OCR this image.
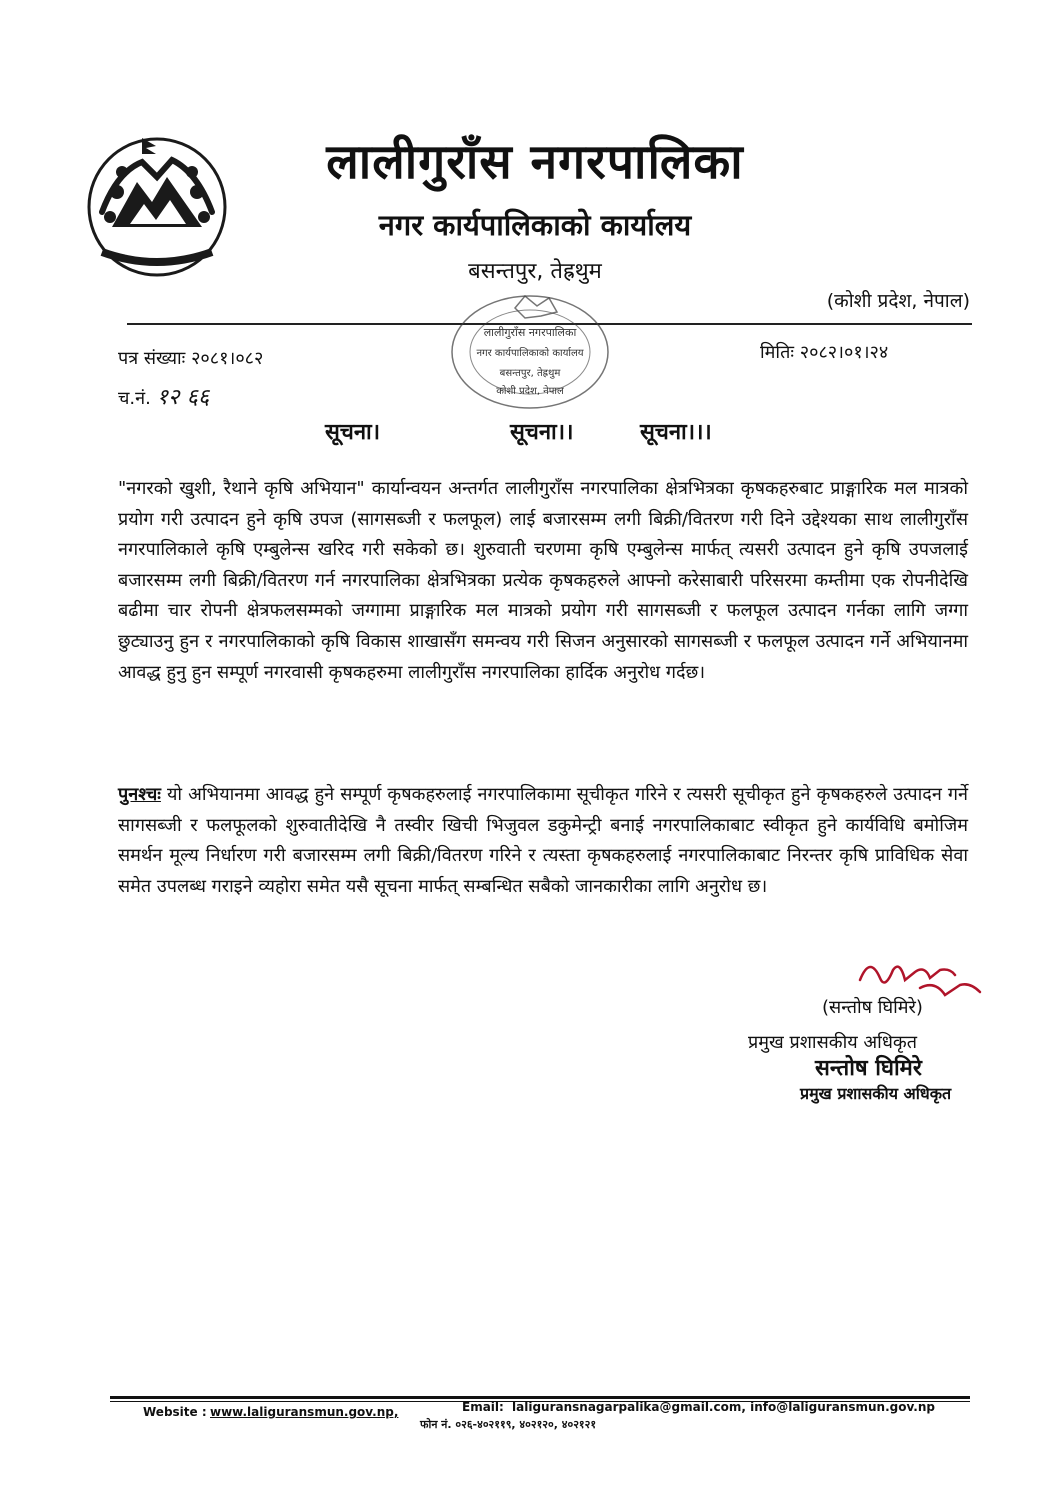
लालीगुराँस नगरपालिका
नगर कार्यपालिकाको कार्यालय
बसन्तपुर, तेह्रथुम
(कोशी प्रदेश, नेपाल)
लालीगुराँस नगरपालिका
नगर कार्यपालिकाको कार्यालय
बसन्तपुर, तेह्रथुम
कोशी प्रदेश, नेपाल
पत्र संख्याः २०८१।०८२
च.नं. १२ ६६
मितिः २०८२।०१।२४
सूचना।	सूचना।।	सूचना।।।
"नगरको खुशी, रैथाने कृषि अभियान" कार्यान्वयन अन्तर्गत लालीगुराँस नगरपालिका क्षेत्रभित्रका कृषकहरुबाट प्राङ्गारिक मल मात्रको प्रयोग गरी उत्पादन हुने कृषि उपज (सागसब्जी र फलफूल) लाई बजारसम्म लगी बिक्री/वितरण गरी दिने उद्देश्यका साथ लालीगुराँस नगरपालिकाले कृषि एम्बुलेन्स खरिद गरी सकेको छ। शुरुवाती चरणमा कृषि एम्बुलेन्स मार्फत् त्यसरी उत्पादन हुने कृषि उपजलाई बजारसम्म लगी बिक्री/वितरण गर्न नगरपालिका क्षेत्रभित्रका प्रत्येक कृषकहरुले आफ्नो करेसाबारी परिसरमा कम्तीमा एक रोपनीदेखि बढीमा चार रोपनी क्षेत्रफलसम्मको जग्गामा प्राङ्गारिक मल मात्रको प्रयोग गरी सागसब्जी र फलफूल उत्पादन गर्नका लागि जग्गा छुट्याउनु हुन र नगरपालिकाको कृषि विकास शाखासँग समन्वय गरी सिजन अनुसारको सागसब्जी र फलफूल उत्पादन गर्ने अभियानमा आवद्ध हुनु हुन सम्पूर्ण नगरवासी कृषकहरुमा लालीगुराँस नगरपालिका हार्दिक अनुरोध गर्दछ।
पुनश्चः यो अभियानमा आवद्ध हुने सम्पूर्ण कृषकहरुलाई नगरपालिकामा सूचीकृत गरिने र त्यसरी सूचीकृत हुने कृषकहरुले उत्पादन गर्ने सागसब्जी र फलफूलको शुरुवातीदेखि नै तस्वीर खिची भिजुवल डकुमेन्ट्री बनाई नगरपालिकाबाट स्वीकृत हुने कार्यविधि बमोजिम समर्थन मूल्य निर्धारण गरी बजारसम्म लगी बिक्री/वितरण गरिने र त्यस्ता कृषकहरुलाई नगरपालिकाबाट निरन्तर कृषि प्राविधिक सेवा समेत उपलब्ध गराइने व्यहोरा समेत यसै सूचना मार्फत् सम्बन्धित सबैको जानकारीका लागि अनुरोध छ।
(सन्तोष घिमिरे)
प्रमुख प्रशासकीय अधिकृत
सन्तोष घिमिरे
प्रमुख प्रशासकीय अधिकृत
Website : www.laliguransmun.gov.np,	Email: laliguransnagarpalika@gmail.com, info@laliguransmun.gov.np
फोन नं. ०२६-४०२११९, ४०२१२०, ४०२१२१
